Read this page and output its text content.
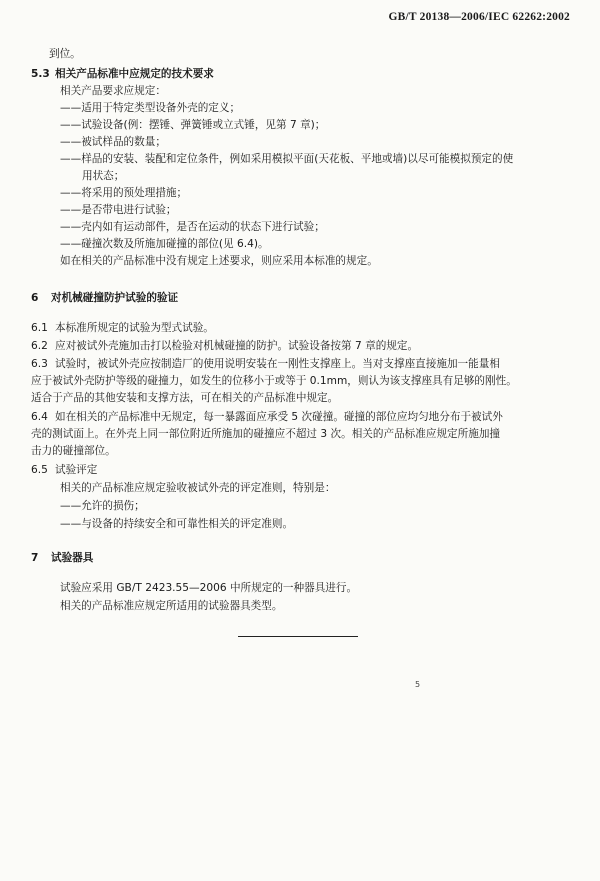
GB/T 20138—2006/IEC 62262:2002
到位。
5.3 相关产品标准中应规定的技术要求
相关产品要求应规定：
——适用于特定类型设备外壳的定义；
——试验设备(例：摆锤、弹簧锤或立式锤，见第 7 章)；
——被试样品的数量；
——样品的安装、装配和定位条件，例如采用模拟平面(天花板、平地或墙)以尽可能模拟预定的使
用状态；
——将采用的预处理措施；
——是否带电进行试验；
——壳内如有运动部件，是否在运动的状态下进行试验；
——碰撞次数及所施加碰撞的部位(见 6.4)。
如在相关的产品标准中没有规定上述要求，则应采用本标准的规定。
6 对机械碰撞防护试验的验证
6.1 本标准所规定的试验为型式试验。
6.2 应对被试外壳施加击打以检验对机械碰撞的防护。试验设备按第 7 章的规定。
6.3 试验时，被试外壳应按制造厂的使用说明安装在一刚性支撑座上。当对支撑座直接施加一能量相
应于被试外壳防护等级的碰撞力，如发生的位移小于或等于 0.1mm，则认为该支撑座具有足够的刚性。
适合于产品的其他安装和支撑方法，可在相关的产品标准中规定。
6.4 如在相关的产品标准中无规定，每一暴露面应承受 5 次碰撞。碰撞的部位应均匀地分布于被试外
壳的测试面上。在外壳上同一部位附近所施加的碰撞应不超过 3 次。相关的产品标准应规定所施加撞
击力的碰撞部位。
6.5 试验评定
相关的产品标准应规定验收被试外壳的评定准则，特别是：
——允许的损伤；
——与设备的持续安全和可靠性相关的评定准则。
7 试验器具
试验应采用 GB/T 2423.55—2006 中所规定的一种器具进行。
相关的产品标准应规定所适用的试验器具类型。
5
